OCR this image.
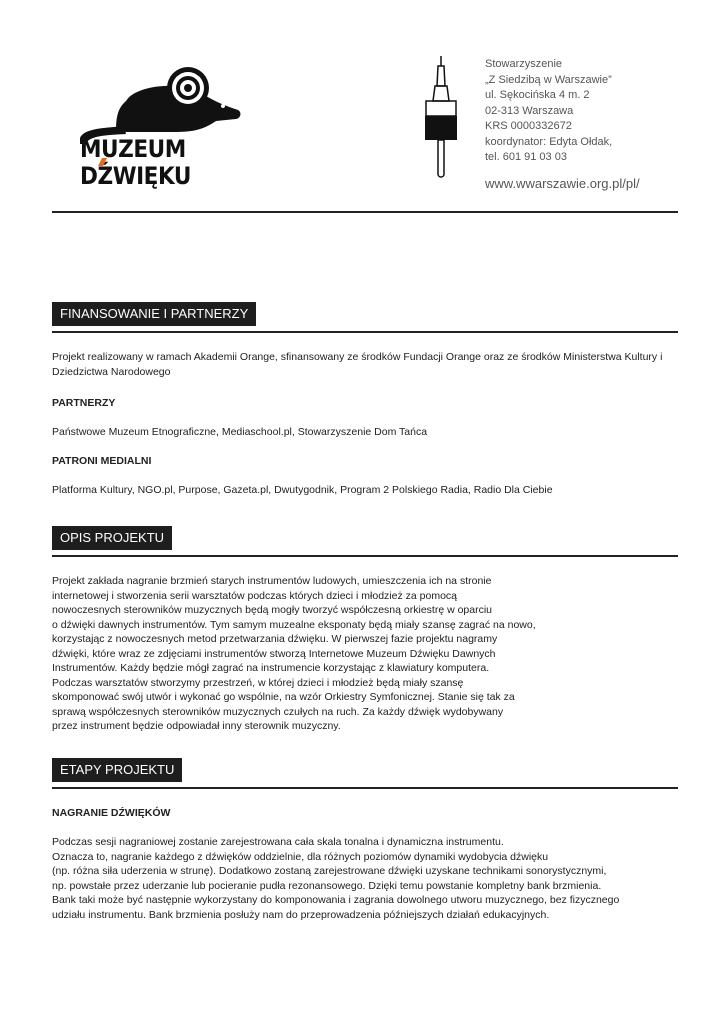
MUZEUM
DŹWIĘKU
Stowarzyszenie
„Z Siedzibą w Warszawie”
ul. Sękocińska 4 m. 2
02-313 Warszawa
KRS 0000332672
koordynator: Edyta Ołdak,
tel. 601 91 03 03
www.wwarszawie.org.pl/pl/
FINANSOWANIE I PARTNERZY
Projekt realizowany w ramach Akademii Orange, sfinansowany ze środków Fundacji Orange oraz ze środków Ministerstwa Kultury i Dziedzictwa Narodowego
PARTNERZY
Państwowe Muzeum Etnograficzne, Mediaschool.pl, Stowarzyszenie Dom Tańca
PATRONI MEDIALNI
Platforma Kultury, NGO.pl, Purpose, Gazeta.pl, Dwutygodnik, Program 2 Polskiego Radia, Radio Dla Ciebie
OPIS PROJEKTU
Projekt zakłada nagranie brzmień starych instrumentów ludowych, umieszczenia ich na stronie
internetowej i stworzenia serii warsztatów podczas których dzieci i młodzież za pomocą
nowoczesnych sterowników muzycznych będą mogły tworzyć współczesną orkiestrę w oparciu
o dźwięki dawnych instrumentów. Tym samym muzealne eksponaty będą miały szansę zagrać na nowo,
korzystając z nowoczesnych metod przetwarzania dźwięku. W pierwszej fazie projektu nagramy
dźwięki, które wraz ze zdjęciami instrumentów stworzą Internetowe Muzeum Dźwięku Dawnych
Instrumentów. Każdy będzie mógł zagrać na instrumencie korzystając z klawiatury komputera.
Podczas warsztatów stworzymy przestrzeń, w której dzieci i młodzież będą miały szansę
skomponować swój utwór i wykonać go wspólnie, na wzór Orkiestry Symfonicznej. Stanie się tak za
sprawą współczesnych sterowników muzycznych czułych na ruch. Za każdy dźwięk wydobywany
przez instrument będzie odpowiadał inny sterownik muzyczny.
ETAPY PROJEKTU
NAGRANIE DŹWIĘKÓW
Podczas sesji nagraniowej zostanie zarejestrowana cała skala tonalna i dynamiczna instrumentu.
Oznacza to, nagranie każdego z dźwięków oddzielnie, dla różnych poziomów dynamiki wydobycia dźwięku
(np. różna siła uderzenia w strunę). Dodatkowo zostaną zarejestrowane dźwięki uzyskane technikami sonorystycznymi,
np. powstałe przez uderzanie lub pocieranie pudła rezonansowego. Dzięki temu powstanie kompletny bank brzmienia.
Bank taki może być następnie wykorzystany do komponowania i zagrania dowolnego utworu muzycznego, bez fizycznego
udziału instrumentu. Bank brzmienia posłuży nam do przeprowadzenia późniejszych działań edukacyjnych.
